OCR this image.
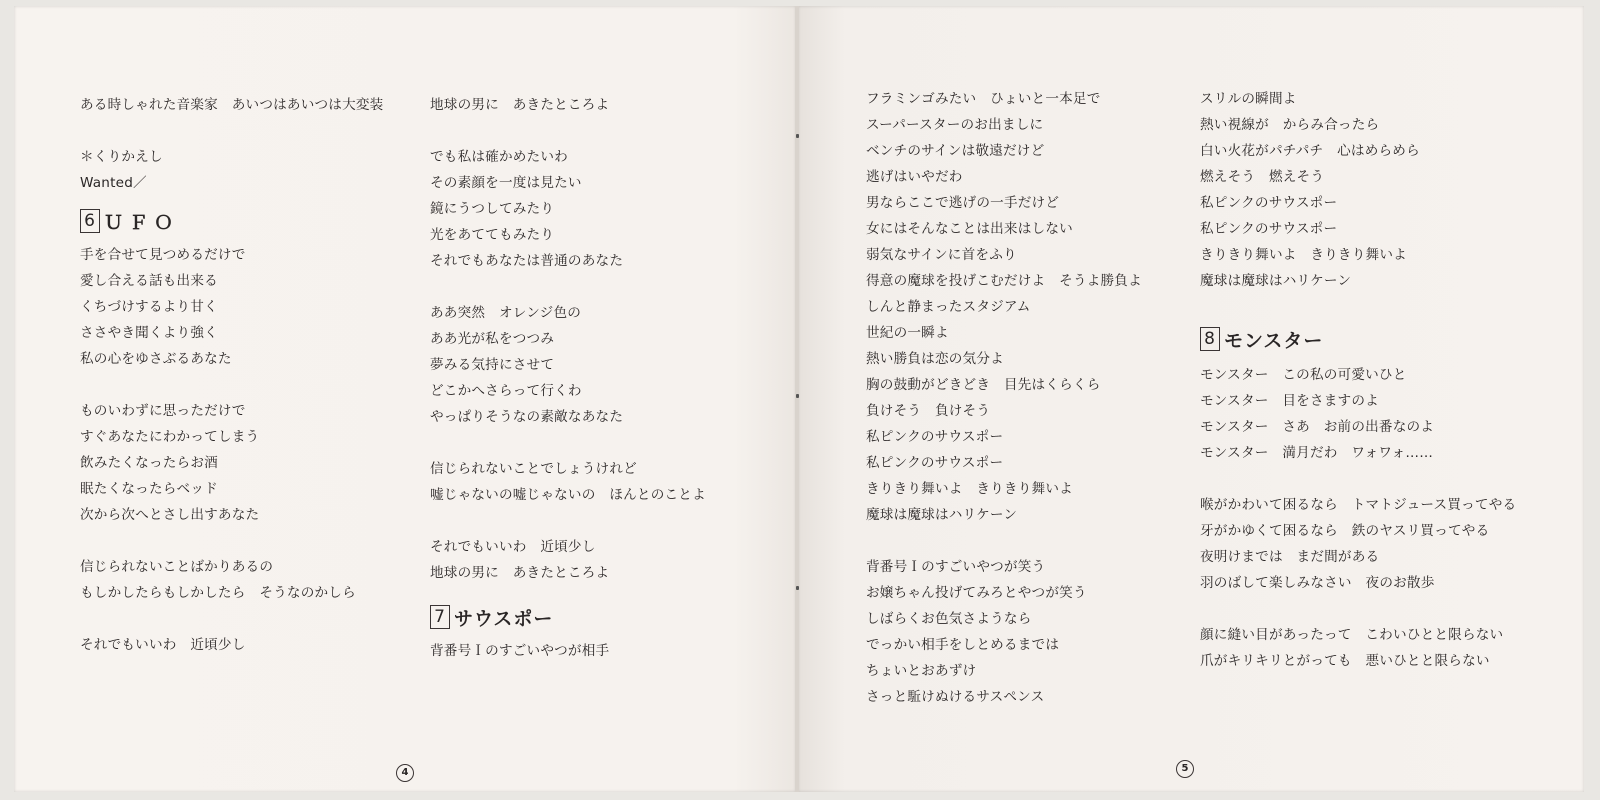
ある時しゃれた音楽家　あいつはあいつは大変装
＊くりかえし
Wanted／
6 ＵＦＯ
手を合せて見つめるだけで
愛し合える話も出来る
くちづけするより甘く
ささやき聞くより強く
私の心をゆさぶるあなた
ものいわずに思っただけで
すぐあなたにわかってしまう
飲みたくなったらお酒
眠たくなったらベッド
次から次へとさし出すあなた
信じられないことばかりあるの
もしかしたらもしかしたら　そうなのかしら
それでもいいわ　近頃少し
地球の男に　あきたところよ
でも私は確かめたいわ
その素顔を一度は見たい
鏡にうつしてみたり
光をあててもみたり
それでもあなたは普通のあなた
ああ突然　オレンジ色の
ああ光が私をつつみ
夢みる気持にさせて
どこかへさらって行くわ
やっぱりそうなの素敵なあなた
信じられないことでしょうけれど
嘘じゃないの嘘じゃないの　ほんとのことよ
それでもいいわ　近頃少し
地球の男に　あきたところよ
7 サウスポー
背番号Ｉのすごいやつが相手
フラミンゴみたい　ひょいと一本足で
スーパースターのお出ましに
ベンチのサインは敬遠だけど
逃げはいやだわ
男ならここで逃げの一手だけど
女にはそんなことは出来はしない
弱気なサインに首をふり
得意の魔球を投げこむだけよ　そうよ勝負よ
しんと静まったスタジアム
世紀の一瞬よ
熱い勝負は恋の気分よ
胸の鼓動がどきどき　目先はくらくら
負けそう　負けそう
私ピンクのサウスポー
私ピンクのサウスポー
きりきり舞いよ　きりきり舞いよ
魔球は魔球はハリケーン
背番号Ｉのすごいやつが笑う
お嬢ちゃん投げてみろとやつが笑う
しばらくお色気さようなら
でっかい相手をしとめるまでは
ちょいとおあずけ
さっと駈けぬけるサスペンス
スリルの瞬間よ
熱い視線が　からみ合ったら
白い火花がパチパチ　心はめらめら
燃えそう　燃えそう
私ピンクのサウスポー
私ピンクのサウスポー
きりきり舞いよ　きりきり舞いよ
魔球は魔球はハリケーン
8 モンスター
モンスター　この私の可愛いひと
モンスター　目をさますのよ
モンスター　さあ　お前の出番なのよ
モンスター　満月だわ　ワォワォ……
喉がかわいて困るなら　トマトジュース買ってやる
牙がかゆくて困るなら　鉄のヤスリ買ってやる
夜明けまでは　まだ間がある
羽のばして楽しみなさい　夜のお散歩
顔に縫い目があったって　こわいひとと限らない
爪がキリキリとがっても　悪いひとと限らない
4	5
